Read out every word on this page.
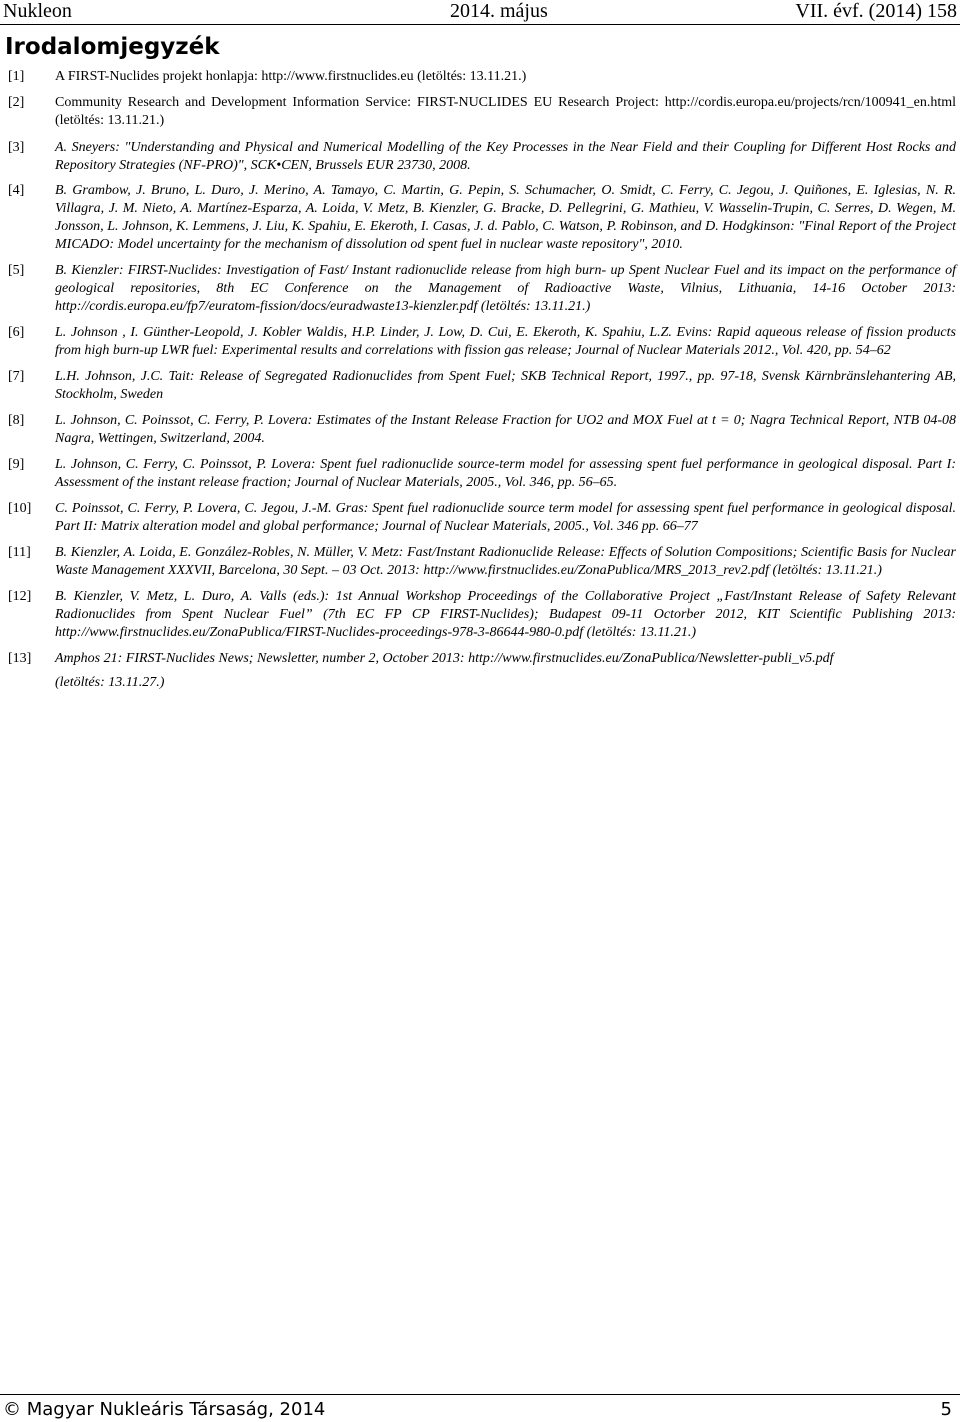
Nukleon	2014. május	VII. évf. (2014) 158
Irodalomjegyzék
[1] A FIRST-Nuclides projekt honlapja: http://www.firstnuclides.eu (letöltés: 13.11.21.)
[2] Community Research and Development Information Service: FIRST-NUCLIDES EU Research Project: http://cordis.europa.eu/projects/rcn/100941_en.html (letöltés: 13.11.21.)
[3] A. Sneyers: "Understanding and Physical and Numerical Modelling of the Key Processes in the Near Field and their Coupling for Different Host Rocks and Repository Strategies (NF-PRO)", SCK•CEN, Brussels EUR 23730, 2008.
[4] B. Grambow, J. Bruno, L. Duro, J. Merino, A. Tamayo, C. Martin, G. Pepin, S. Schumacher, O. Smidt, C. Ferry, C. Jegou, J. Quiñones, E. Iglesias, N. R. Villagra, J. M. Nieto, A. Martínez-Esparza, A. Loida, V. Metz, B. Kienzler, G. Bracke, D. Pellegrini, G. Mathieu, V. Wasselin-Trupin, C. Serres, D. Wegen, M. Jonsson, L. Johnson, K. Lemmens, J. Liu, K. Spahiu, E. Ekeroth, I. Casas, J. d. Pablo, C. Watson, P. Robinson, and D. Hodgkinson: "Final Report of the Project MICADO: Model uncertainty for the mechanism of dissolution od spent fuel in nuclear waste repository", 2010.
[5] B. Kienzler: FIRST-Nuclides: Investigation of Fast/ Instant radionuclide release from high burn- up Spent Nuclear Fuel and its impact on the performance of geological repositories, 8th EC Conference on the Management of Radioactive Waste, Vilnius, Lithuania, 14-16 October 2013: http://cordis.europa.eu/fp7/euratom-fission/docs/euradwaste13-kienzler.pdf (letöltés: 13.11.21.)
[6] L. Johnson , I. Günther-Leopold, J. Kobler Waldis, H.P. Linder, J. Low, D. Cui, E. Ekeroth, K. Spahiu, L.Z. Evins: Rapid aqueous release of fission products from high burn-up LWR fuel: Experimental results and correlations with fission gas release; Journal of Nuclear Materials 2012., Vol. 420, pp. 54–62
[7] L.H. Johnson, J.C. Tait: Release of Segregated Radionuclides from Spent Fuel; SKB Technical Report, 1997., pp. 97-18, Svensk Kärnbränslehantering AB, Stockholm, Sweden
[8] L. Johnson, C. Poinssot, C. Ferry, P. Lovera: Estimates of the Instant Release Fraction for UO2 and MOX Fuel at t = 0; Nagra Technical Report, NTB 04-08 Nagra, Wettingen, Switzerland, 2004.
[9] L. Johnson, C. Ferry, C. Poinssot, P. Lovera: Spent fuel radionuclide source-term model for assessing spent fuel performance in geological disposal. Part I: Assessment of the instant release fraction; Journal of Nuclear Materials, 2005., Vol. 346, pp. 56–65.
[10] C. Poinssot, C. Ferry, P. Lovera, C. Jegou, J.-M. Gras: Spent fuel radionuclide source term model for assessing spent fuel performance in geological disposal. Part II: Matrix alteration model and global performance; Journal of Nuclear Materials, 2005., Vol. 346 pp. 66–77
[11] B. Kienzler, A. Loida, E. González-Robles, N. Müller, V. Metz: Fast/Instant Radionuclide Release: Effects of Solution Compositions; Scientific Basis for Nuclear Waste Management XXXVII, Barcelona, 30 Sept. – 03 Oct. 2013: http://www.firstnuclides.eu/ZonaPublica/MRS_2013_rev2.pdf (letöltés: 13.11.21.)
[12] B. Kienzler, V. Metz, L. Duro, A. Valls (eds.): 1st Annual Workshop Proceedings of the Collaborative Project „Fast/Instant Release of Safety Relevant Radionuclides from Spent Nuclear Fuel” (7th EC FP CP FIRST-Nuclides); Budapest 09-11 Octorber 2012, KIT Scientific Publishing 2013: http://www.firstnuclides.eu/ZonaPublica/FIRST-Nuclides-proceedings-978-3-86644-980-0.pdf (letöltés: 13.11.21.)
[13] Amphos 21: FIRST-Nuclides News; Newsletter, number 2, October 2013: http://www.firstnuclides.eu/ZonaPublica/Newsletter-publi_v5.pdf
(letöltés: 13.11.27.)
© Magyar Nukleáris Társaság, 2014	5
